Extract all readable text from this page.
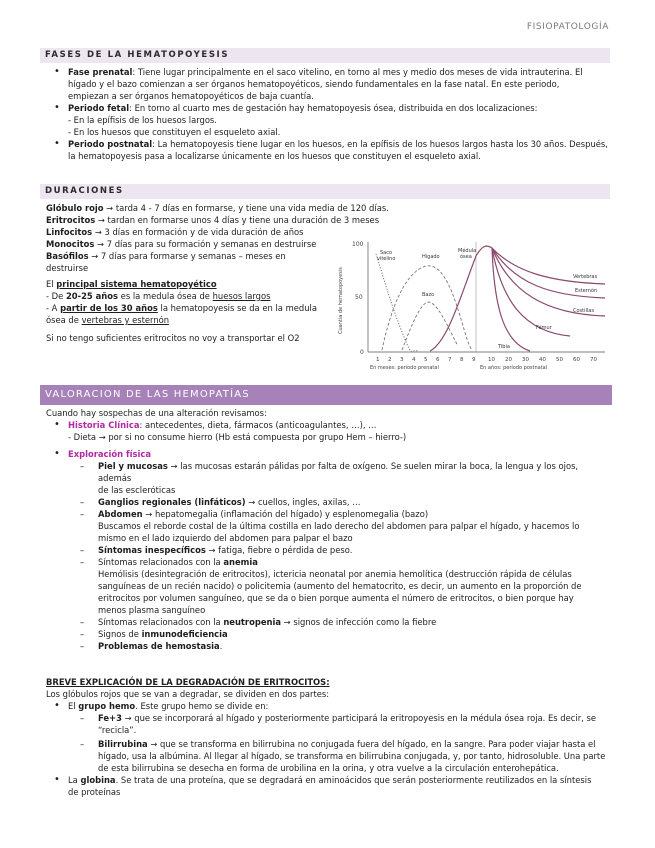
FISIOPATOLOGÍA
FASES DE LA HEMATOPOYESIS
• Fase prenatal: Tiene lugar principalmente en el saco vitelino, en torno al mes y medio dos meses de vida intrauterina. El
hígado y el bazo comienzan a ser órganos hematopoyéticos, siendo fundamentales en la fase natal. En este periodo,
empiezan a ser órganos hematopoyéticos de baja cuantía.
• Periodo fetal: En torno al cuarto mes de gestación hay hematopoyesis ósea, distribuida en dos localizaciones:
- En la epífisis de los huesos largos.
- En los huesos que constituyen el esqueleto axial.
• Periodo postnatal: La hematopoyesis tiene lugar en los huesos, en la epífisis de los huesos largos hasta los 30 años. Después,
la hematopoyesis pasa a localizarse únicamente en los huesos que constituyen el esqueleto axial.
DURACIONES
Glóbulo rojo → tarda 4 - 7 días en formarse, y tiene una vida media de 120 días.
Eritrocitos → tardan en formarse unos 4 días y tiene una duración de 3 meses
Linfocitos → 3 días en formación y de vida duración de años
Monocitos → 7 días para su formación y semanas en destruirse
Basófilos → 7 días para formarse y semanas – meses en
destruirse
El principal sistema hematopoyético
- De 20-25 años es la medula ósea de huesos largos
- A partir de los 30 años la hematopoyesis se da en la medula
ósea de vertebras y esternón
Si no tengo suficientes eritrocitos no voy a transportar el O2
100
50
0
Cuantía de hematopoyesis
1 2 3 4 5 6 7 8 9 10 20 30 40 50 60 70
En meses: período prenatal	En años: período postnatal
Saco
vitelino	Hígado
Bazo
Médula
ósea
Vértebras
Esternón
Costillas
Fémur
Tibia
VALORACION DE LAS HEMOPATÍAS
Cuando hay sospechas de una alteración revisamos:
• Historia Clínica: antecedentes, dieta, fármacos (anticoagulantes, …), …
- Dieta → por si no consume hierro (Hb está compuesta por grupo Hem – hierro-)
• Exploración física
– Piel y mucosas → las mucosas estarán pálidas por falta de oxígeno. Se suelen mirar la boca, la lengua y los ojos, además
de las escleróticas
– Ganglios regionales (linfáticos) → cuellos, ingles, axilas, …
– Abdomen → hepatomegalia (inflamación del hígado) y esplenomegalia (bazo)
Buscamos el reborde costal de la última costilla en lado derecho del abdomen para palpar el hígado, y hacemos lo
mismo en el lado izquierdo del abdomen para palpar el bazo
– Síntomas inespecíficos → fatiga, fiebre o pérdida de peso.
– Síntomas relacionados con la anemia
Hemólisis (desintegración de eritrocitos), ictericia neonatal por anemia hemolítica (destrucción rápida de células
sanguíneas de un recién nacido) o policitemia (aumento del hematocrito, es decir, un aumento en la proporción de
eritrocitos por volumen sanguíneo, que se da o bien porque aumenta el número de eritrocitos, o bien porque hay
menos plasma sanguíneo
– Síntomas relacionados con la neutropenia → signos de infección como la fiebre
– Signos de inmunodeficiencia
– Problemas de hemostasia.
BREVE EXPLICACIÓN DE LA DEGRADACIÓN DE ERITROCITOS:
Los glóbulos rojos que se van a degradar, se dividen en dos partes:
• El grupo hemo. Este grupo hemo se divide en:
– Fe+3 → que se incorporará al hígado y posteriormente participará la eritropoyesis en la médula ósea roja. Es decir, se
“recicla”.
– Bilirrubina → que se transforma en bilirrubina no conjugada fuera del hígado, en la sangre. Para poder viajar hasta el
hígado, usa la albúmina. Al llegar al hígado, se transforma en bilirrubina conjugada, y, por tanto, hidrosoluble. Una parte
de esta bilirrubina se desecha en forma de urobilina en la orina, y otra vuelve a la circulación enterohepática.
• La globina. Se trata de una proteína, que se degradará en aminoácidos que serán posteriormente reutilizados en la síntesis
de proteínas
